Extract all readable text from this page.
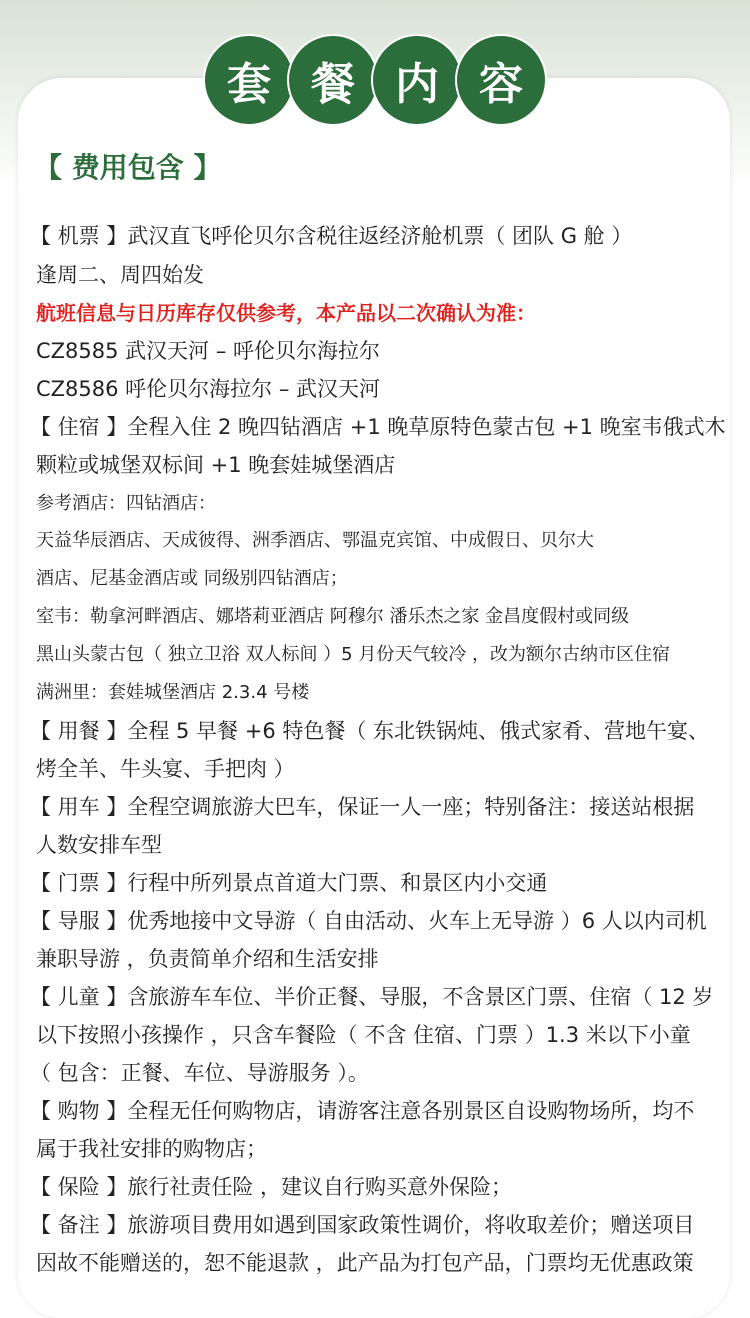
套 餐 内 容
【 费用包含 】
【 机票 】武汉直飞呼伦贝尔含税往返经济舱机票（ 团队 G 舱 ）
逢周二、周四始发
航班信息与日历库存仅供参考，本产品以二次确认为准：
CZ8585 武汉天河 – 呼伦贝尔海拉尔
CZ8586 呼伦贝尔海拉尔 – 武汉天河
【 住宿 】全程入住 2 晚四钻酒店 +1 晚草原特色蒙古包 +1 晚室韦俄式木
颗粒或城堡双标间 +1 晚套娃城堡酒店
参考酒店：四钻酒店：
天益华辰酒店、天成彼得、洲季酒店、鄂温克宾馆、中成假日、贝尔大
酒店、尼基金酒店或 同级别四钻酒店；
室韦：勒拿河畔酒店、娜塔莉亚酒店 阿穆尔 潘乐杰之家 金昌度假村或同级
黑山头蒙古包（ 独立卫浴 双人标间 ）5 月份天气较冷 ，改为额尔古纳市区住宿
满洲里：套娃城堡酒店 2.3.4 号楼
【 用餐 】全程 5 早餐 +6 特色餐（ 东北铁锅炖、俄式家肴、营地午宴、
烤全羊、牛头宴、手把肉 ）
【 用车 】全程空调旅游大巴车，保证一人一座；特别备注：接送站根据
人数安排车型
【 门票 】行程中所列景点首道大门票、和景区内小交通
【 导服 】优秀地接中文导游（ 自由活动、火车上无导游 ）6 人以内司机
兼职导游 ，负责简单介绍和生活安排
【 儿童 】含旅游车车位、半价正餐、导服，不含景区门票、住宿（ 12 岁
以下按照小孩操作 ，只含车餐险（ 不含 住宿、门票 ）1.3 米以下小童
（ 包含：正餐、车位、导游服务 ）。
【 购物 】全程无任何购物店，请游客注意各别景区自设购物场所，均不
属于我社安排的购物店；
【 保险 】旅行社责任险 ，建议自行购买意外保险；
【 备注 】旅游项目费用如遇到国家政策性调价，将收取差价；赠送项目
因故不能赠送的，恕不能退款 ，此产品为打包产品，门票均无优惠政策
